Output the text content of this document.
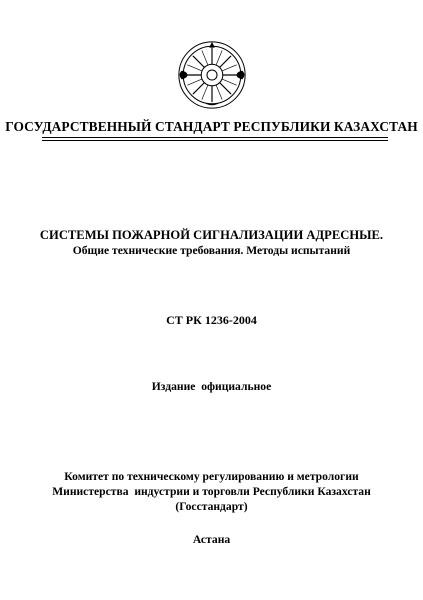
ГОСУДАРСТВЕННЫЙ СТАНДАРТ РЕСПУБЛИКИ КАЗАХСТАН
СИСТЕМЫ ПОЖАРНОЙ СИГНАЛИЗАЦИИ АДРЕСНЫЕ.
Общие технические требования. Методы испытаний
СТ РК 1236-2004
Издание  официальное
Комитет по техническому регулированию и метрологии
Министерства  индустрии и торговли Республики Казахстан
(Госстандарт)
Астана
